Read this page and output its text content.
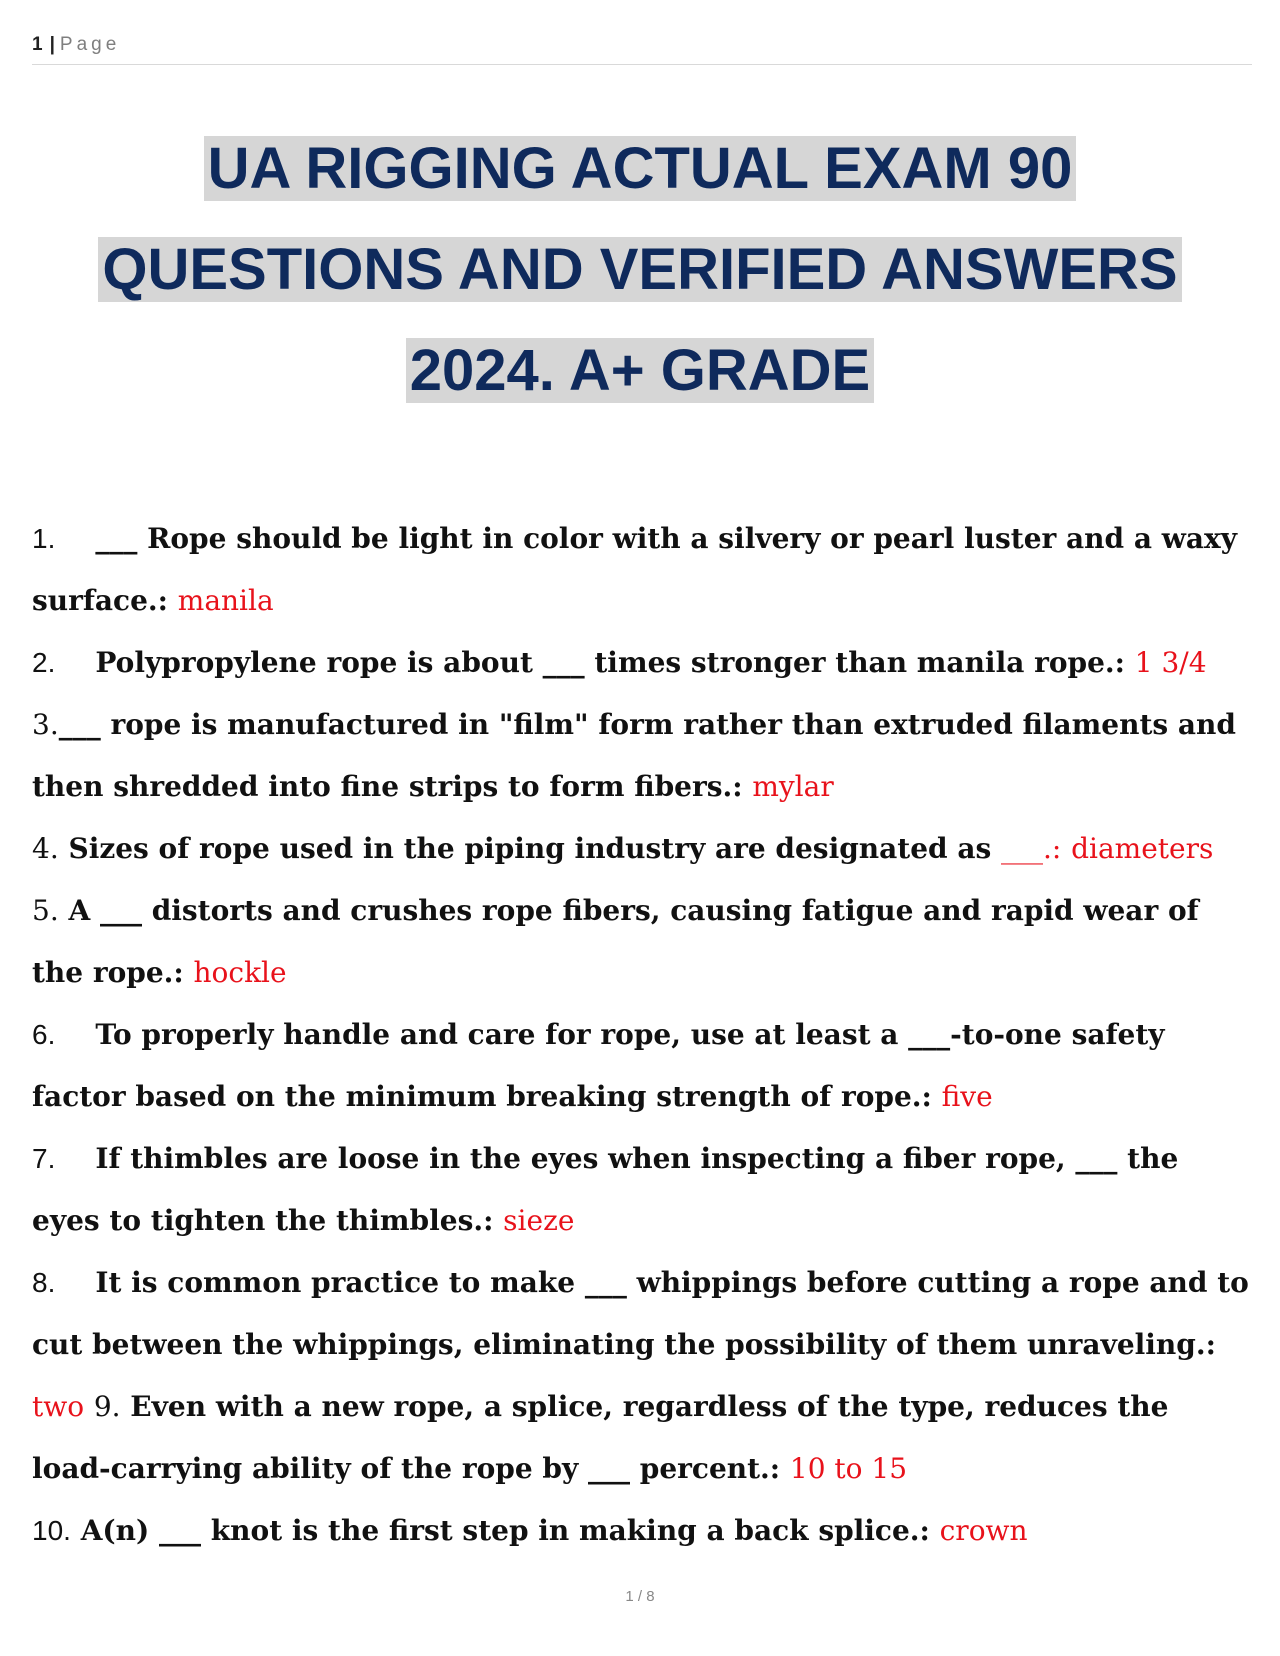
1 | Page
UA RIGGING ACTUAL EXAM 90
QUESTIONS AND VERIFIED ANSWERS
2024. A+ GRADE

1. ___ Rope should be light in color with a silvery or pearl luster and a waxy surface.: manila

2. Polypropylene rope is about ___ times stronger than manila rope.: 1 3/4

3.___ rope is manufactured in "film" form rather than extruded filaments and then shredded into fine strips to form fibers.: mylar

4. Sizes of rope used in the piping industry are designated as ___.: diameters

5. A ___ distorts and crushes rope fibers, causing fatigue and rapid wear of the rope.: hockle

6. To properly handle and care for rope, use at least a ___-to-one safety factor based on the minimum breaking strength of rope.: five

7. If thimbles are loose in the eyes when inspecting a fiber rope, ___ the eyes to tighten the thimbles.: sieze

8. It is common practice to make ___ whippings before cutting a rope and to cut between the whippings, eliminating the possibility of them unraveling.: two 9. Even with a new rope, a splice, regardless of the type, reduces the load-carrying ability of the rope by ___ percent.: 10 to 15

10. A(n) ___ knot is the first step in making a back splice.: crown

1 / 8
